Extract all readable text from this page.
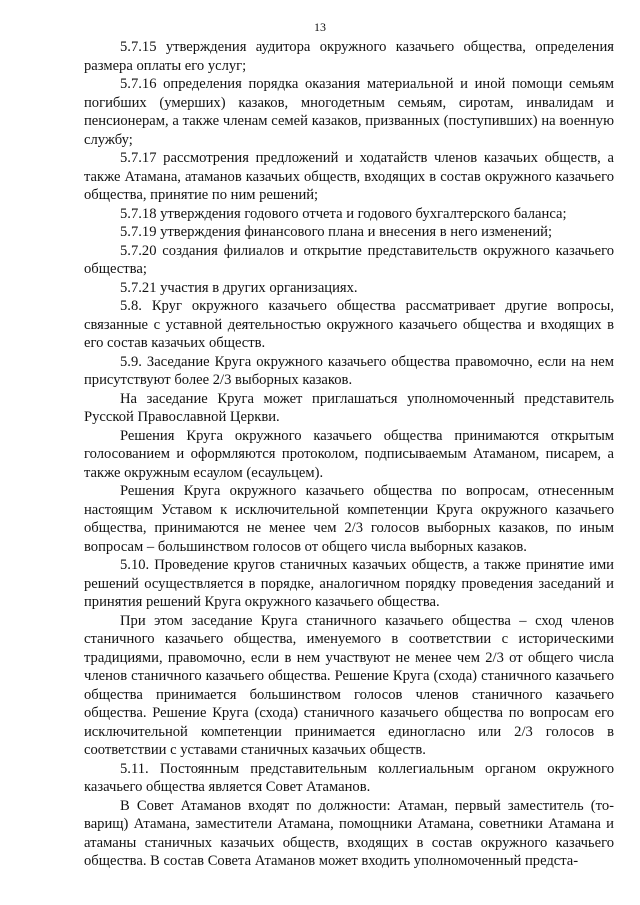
13

5.7.15 утверждения аудитора окружного казачьего общества, определения размера оплаты его услуг;

5.7.16 определения порядка оказания материальной и иной помощи семьям погибших (умерших) казаков, многодетным семьям, сиротам, инвалидам и пенсионерам, а также членам семей казаков, призванных (поступивших) на военную службу;

5.7.17 рассмотрения предложений и ходатайств членов казачьих обществ, а также Атамана, атаманов казачьих обществ, входящих в состав окружного казачьего общества, принятие по ним решений;

5.7.18 утверждения годового отчета и годового бухгалтерского баланса;

5.7.19 утверждения финансового плана и внесения в него изменений;

5.7.20 создания филиалов и открытие представительств окружного казачьего общества;

5.7.21 участия в других организациях.

5.8. Круг окружного казачьего общества рассматривает другие вопросы, связанные с уставной деятельностью окружного казачьего общества и входящих в его состав казачьих обществ.

5.9. Заседание Круга окружного казачьего общества правомочно, если на нем присутствуют более 2/3 выборных казаков.

На заседание Круга может приглашаться уполномоченный представитель Русской Православной Церкви.

Решения Круга окружного казачьего общества принимаются открытым голосованием и оформляются протоколом, подписываемым Атаманом, писарем, а также окружным есаулом (есаульцем).

Решения Круга окружного казачьего общества по вопросам, отнесенным настоящим Уставом к исключительной компетенции Круга окружного казачьего общества, принимаются не менее чем 2/3 голосов выборных казаков, по иным вопросам – большинством голосов от общего числа выборных казаков.

5.10. Проведение кругов станичных казачьих обществ, а также принятие ими решений осуществляется в порядке, аналогичном порядку проведения заседаний и принятия решений Круга окружного казачьего общества.

При этом заседание Круга станичного казачьего общества – сход членов станичного казачьего общества, именуемого в соответствии с историческими традициями, правомочно, если в нем участвуют не менее чем 2/3 от общего числа членов станичного казачьего общества. Решение Круга (схода) станичного казачьего общества принимается большинством голосов членов станичного казачьего общества. Решение Круга (схода) станичного казачьего общества по вопросам его исключительной компетенции принимается единогласно или 2/3 голосов в соответствии с уставами станичных казачьих обществ.

5.11. Постоянным представительным коллегиальным органом окружного казачьего общества является Совет Атаманов.

В Совет Атаманов входят по должности: Атаман, первый заместитель (товарищ) Атамана, заместители Атамана, помощники Атамана, советники Атамана и атаманы станичных казачьих обществ, входящих в состав окружного казачьего общества. В состав Совета Атаманов может входить уполномоченный предста-
